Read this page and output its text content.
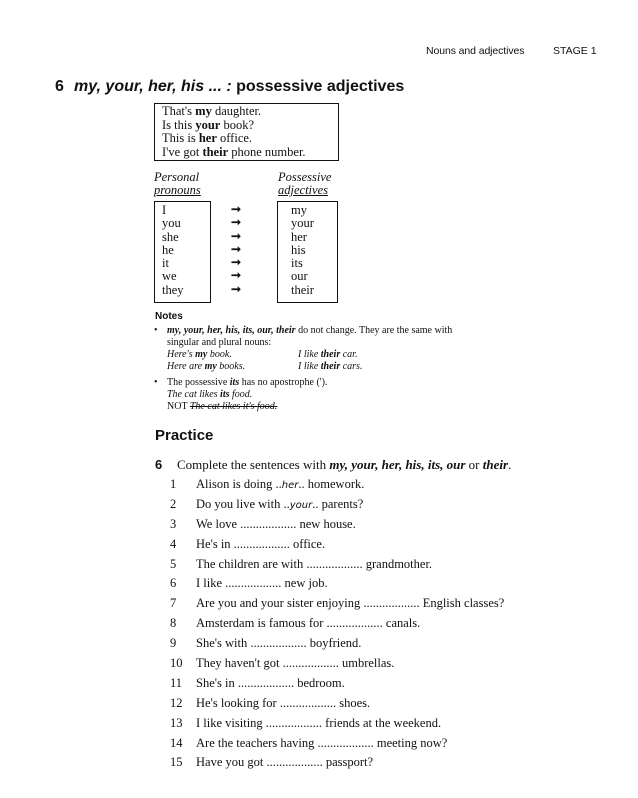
Nouns and adjectives	STAGE 1
6 my, your, her, his ... : possessive adjectives
That's my daughter.
Is this your book?
This is her office.
I've got their phone number.
Personal
pronouns
Possessive
adjectives
I
you
she
he
it
we
they
➞
➞
➞
➞
➞
➞
➞
my
your
her
his
its
our
their
Notes
• my, your, her, his, its, our, their do not change. They are the same with
singular and plural nouns:
Here's my book.
Here are my books.
I like their car.
I like their cars.
• The possessive its has no apostrophe (').
The cat likes its food.
NOT The cat likes it's food.
Practice
6 Complete the sentences with my, your, her, his, its, our or their.
1 Alison is doing ..her.. homework.
2 Do you live with ..your.. parents?
3 We love .................. new house.
4 He's in .................. office.
5 The children are with .................. grandmother.
6 I like .................. new job.
7 Are you and your sister enjoying .................. English classes?
8 Amsterdam is famous for .................. canals.
9 She's with .................. boyfriend.
10 They haven't got .................. umbrellas.
11 She's in .................. bedroom.
12 He's looking for .................. shoes.
13 I like visiting .................. friends at the weekend.
14 Are the teachers having .................. meeting now?
15 Have you got .................. passport?
